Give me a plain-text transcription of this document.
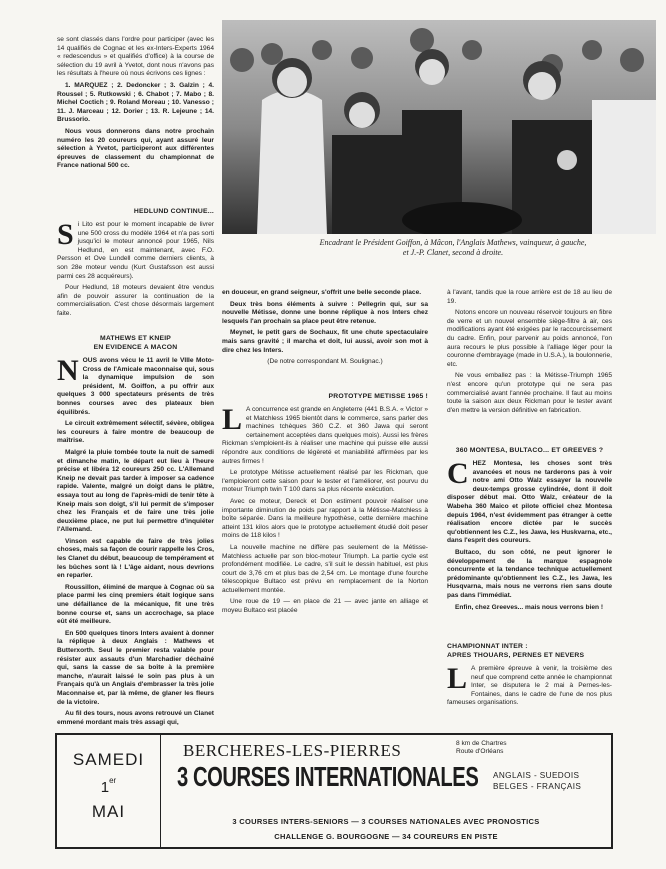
se sont classés dans l'ordre pour participer (avec les 14 qualifiés de Cognac et les ex-Inters-Experts 1964 « redescendus » et qualifiés d'office) à la course de sélection du 19 avril à Yvetot, dont nous n'avons pas les résultats à l'heure où nous écrivons ces lignes :

1. MARQUEZ ; 2. Dedoncker ; 3. Galzin ; 4. Roussel ; 5. Rutkowski ; 6. Chabot ; 7. Mabo ; 8. Michel Coctich ; 9. Roland Moreau ; 10. Vanesso ; 11. J. Marceau ; 12. Dorier ; 13. R. Lejeune ; 14. Brussorio.

Nous vous donnerons dans notre prochain numéro les 20 coureurs qui, ayant assuré leur sélection à Yvetot, participeront aux différentes épreuves de classement du championnat de France national 500 cc.

HEDLUND CONTINUE...

Si Lito est pour le moment incapable de livrer une 500 cross du modèle 1964 et n'a pas sorti jusqu'ici le moteur annoncé pour 1965, Nils Hedlund, en est maintenant, avec F.O. Persson et Ove Lundell comme derniers clients, à son 28e moteur vendu (Kurt Gustafsson est aussi parmi ces 28 acquéreurs).

Pour Hedlund, 18 moteurs devaient être vendus afin de pouvoir assurer la continuation de la commercialisation. C'est chose désormais largement faite.

MATHEWS ET KNEIP
EN EVIDENCE A MACON

NOUS avons vécu le 11 avril le VIIIe Moto-Cross de l'Amicale maconnaise qui, sous la dynamique impulsion de son président, M. Goiffon, a pu offrir aux quelques 3 000 spectateurs présents de très bonnes courses avec des plateaux bien équilibrés.

Le circuit extrêmement sélectif, sévère, obligea les coureurs à faire montre de beaucoup de maîtrise.

Malgré la pluie tombée toute la nuit de samedi et dimanche matin, le départ eut lieu à l'heure précise et libéra 12 coureurs 250 cc. L'Allemand Kneip ne devait pas tarder à imposer sa cadence rapide. Valente, malgré un doigt dans le plâtre, essaya tout au long de l'après-midi de tenir tête à Kneip mais son doigt, s'il lui permit de s'imposer chez les Français et de faire une très jolie deuxième place, ne put lui permettre d'inquiéter l'Allemand.

Vinson est capable de faire de très jolies choses, mais sa façon de courir rappelle les Cros, les Clanet du début, beaucoup de tempérament et les bûches sont là ! L'âge aidant, nous devrions en reparler.

Roussillon, éliminé de marque à Cognac où sa place parmi les cinq premiers était logique sans une défaillance de la mécanique, fit une très bonne course et, sans un accrochage, sa place eût été meilleure.

En 500 quelques tinors Inters avaient à donner la réplique à deux Anglais : Mathews et Butterxorth. Seul le premier resta valable pour résister aux assauts d'un Marchadier déchaîné qui, sans la casse de sa boîte à la première manche, n'aurait laissé le soin pas plus à un Français qu'à un Anglais d'embrasser la très jolie Maconnaise et, par là même, de glaner les fleurs de la victoire.

Au fil des tours, nous avons retrouvé un Clanet emmené mordant mais très assagi qui,

Encadrant le Président Goiffon, à Mâcon, l'Anglais Mathews, vainqueur, à gauche, et J.-P. Clanet, second à droite.

en douceur, en grand seigneur, s'offrit une belle seconde place.

Deux très bons éléments à suivre : Pellegrin qui, sur sa nouvelle Métisse, donne une bonne réplique à nos Inters chez lesquels l'an prochain sa place peut être retenue.

Meynet, le petit gars de Sochaux, fit une chute spectaculaire mais sans gravité ; il marcha et doit, lui aussi, avoir son mot à dire chez les Inters.

(De notre correspondant M. Soulignac.)

PROTOTYPE METISSE 1965 !

L A concurrence est grande en Angleterre (441 B.S.A. « Victor » et Matchless 1965 bientôt dans le commerce, sans parler des machines tchèques 360 C.Z. et 360 Jawa qui seront certainement acceptées dans quelques mois). Aussi les frères Rickman s'emploient-ils à réaliser une machine qui puisse elle aussi répondre aux conditions de légèreté et maniabilité affirmées par les autres firmes !

Le prototype Métisse actuellement réalisé par les Rickman, que l'emploieront cette saison pour le tester et l'améliorer, est pourvu du moteur Triumph twin T 100 dans sa plus récente exécution.

Avec ce moteur, Dereck et Don estiment pouvoir réaliser une importante diminution de poids par rapport à la Métisse-Matchless à boîte séparée. Dans la meilleure hypothèse, cette dernière machine atteint 131 kilos alors que le prototype actuellement étudié doit peser moins de 118 kilos !

La nouvelle machine ne diffère pas seulement de la Métisse-Matchless actuelle par son bloc-moteur Triumph. La partie cycle est profondément modifiée. Le cadre, s'il suit le dessin habituel, est plus court de 3,76 cm et plus bas de 2,54 cm. Le montage d'une fourche télescopique Bultaco est prévu en remplacement de la Norton actuellement montée.

Une roue de 19 — en place de 21 — avec jante en alliage et moyeu Bultaco est placée

à l'avant, tandis que la roue arrière est de 18 au lieu de 19.

Notons encore un nouveau réservoir toujours en fibre de verre et un nouvel ensemble siège-filtre à air, ces modifications ayant été exigées par le raccourcissement du cadre. Enfin, pour parvenir au poids annoncé, l'on aura recours le plus possible à l'alliage léger pour la couronne d'embrayage (made in U.S.A.), la boulonnerie, etc.

Ne vous emballez pas : la Métisse-Triumph 1965 n'est encore qu'un prototype qui ne sera pas commercialisé avant l'année prochaine. Il faut au moins toute la saison aux deux Rickman pour le tester avant d'en mettre la version définitive en fabrication.

360 MONTESA, BULTACO... ET GREEVES ?

CHEZ Montesa, les choses sont très avancées et nous ne tarderons pas à voir notre ami Otto Walz essayer la nouvelle deux-temps grosse cylindrée, dont il doit disposer début mai. Otto Walz, créateur de la Wabeha 360 Maico et pilote officiel chez Montesa depuis 1964, n'est évidemment pas étranger à cette réalisation encore dictée par le succès qu'obtiennent les C.Z., les Jawa, les Huskvarna, etc., dans l'esprit des coureurs.

Bultaco, du son côté, ne peut ignorer le développement de la marque espagnole concurrente et la tendance technique actuellement prédominante qu'obtiennent les C.Z., les Jawa, les Husqvarna, mais nous ne verrons rien sans doute pas dans l'immédiat.

Enfin, chez Greeves... mais nous verrons bien !

CHAMPIONNAT INTER :
APRES THOUARS, PERNES ET NEVERS

L A première épreuve à venir, la troisième des neuf que comprend cette année le championnat Inter, se disputera le 2 mai à Pernes-les-Fontaines, dans le cadre de l'une de nos plus fameuses organisations.

SAMEDI
1er
MAI
BERCHERES-LES-PIERRES	8 km de Chartres
Route d'Orléans
3 COURSES INTERNATIONALES ANGLAIS - SUEDOIS
BELGES - FRANÇAIS
3 COURSES INTERS-SENIORS — 3 COURSES NATIONALES AVEC PRONOSTICS
CHALLENGE G. BOURGOGNE — 34 COUREURS EN PISTE
